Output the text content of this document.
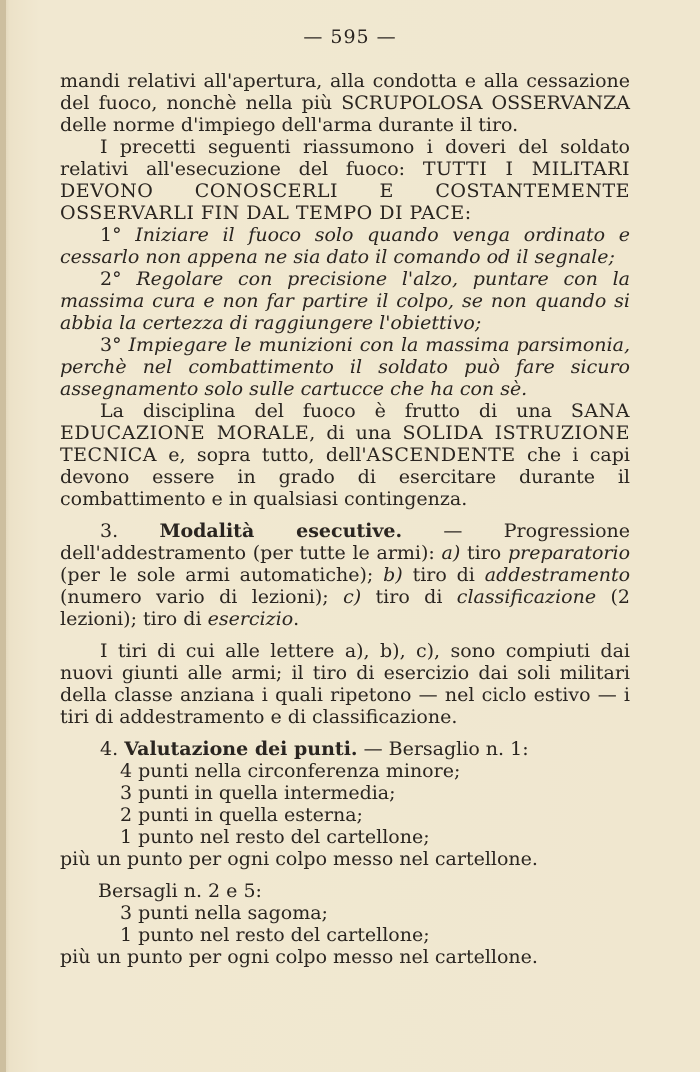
— 595 —

mandi relativi all'apertura, alla condotta e alla cessazione del fuoco, nonchè nella più SCRUPOLOSA OSSERVANZA delle norme d'impiego dell'arma durante il tiro.

I precetti seguenti riassumono i doveri del soldato relativi all'esecuzione del fuoco: TUTTI I MILITARI DEVONO CONOSCERLI E COSTANTEMENTE OSSERVARLI FIN DAL TEMPO DI PACE:

1° Iniziare il fuoco solo quando venga ordinato e cessarlo non appena ne sia dato il comando od il segnale;

2° Regolare con precisione l'alzo, puntare con la massima cura e non far partire il colpo, se non quando si abbia la certezza di raggiungere l'obiettivo;

3° Impiegare le munizioni con la massima parsimonia, perchè nel combattimento il soldato può fare sicuro assegnamento solo sulle cartucce che ha con sè.

La disciplina del fuoco è frutto di una SANA EDUCAZIONE MORALE, di una SOLIDA ISTRUZIONE TECNICA e, sopra tutto, dell'ASCENDENTE che i capi devono essere in grado di esercitare durante il combattimento e in qualsiasi contingenza.

3. Modalità esecutive. — Progressione dell'addestramento (per tutte le armi): a) tiro preparatorio (per le sole armi automatiche); b) tiro di addestramento (numero vario di lezioni); c) tiro di classificazione (2 lezioni); tiro di esercizio.

I tiri di cui alle lettere a), b), c), sono compiuti dai nuovi giunti alle armi; il tiro di esercizio dai soli militari della classe anziana i quali ripetono — nel ciclo estivo — i tiri di addestramento e di classificazione.

4. Valutazione dei punti. — Bersaglio n. 1:

4 punti nella circonferenza minore;

3 punti in quella intermedia;

2 punti in quella esterna;

1 punto nel resto del cartellone;

più un punto per ogni colpo messo nel cartellone.

Bersagli n. 2 e 5:

3 punti nella sagoma;

1 punto nel resto del cartellone;

più un punto per ogni colpo messo nel cartellone.
